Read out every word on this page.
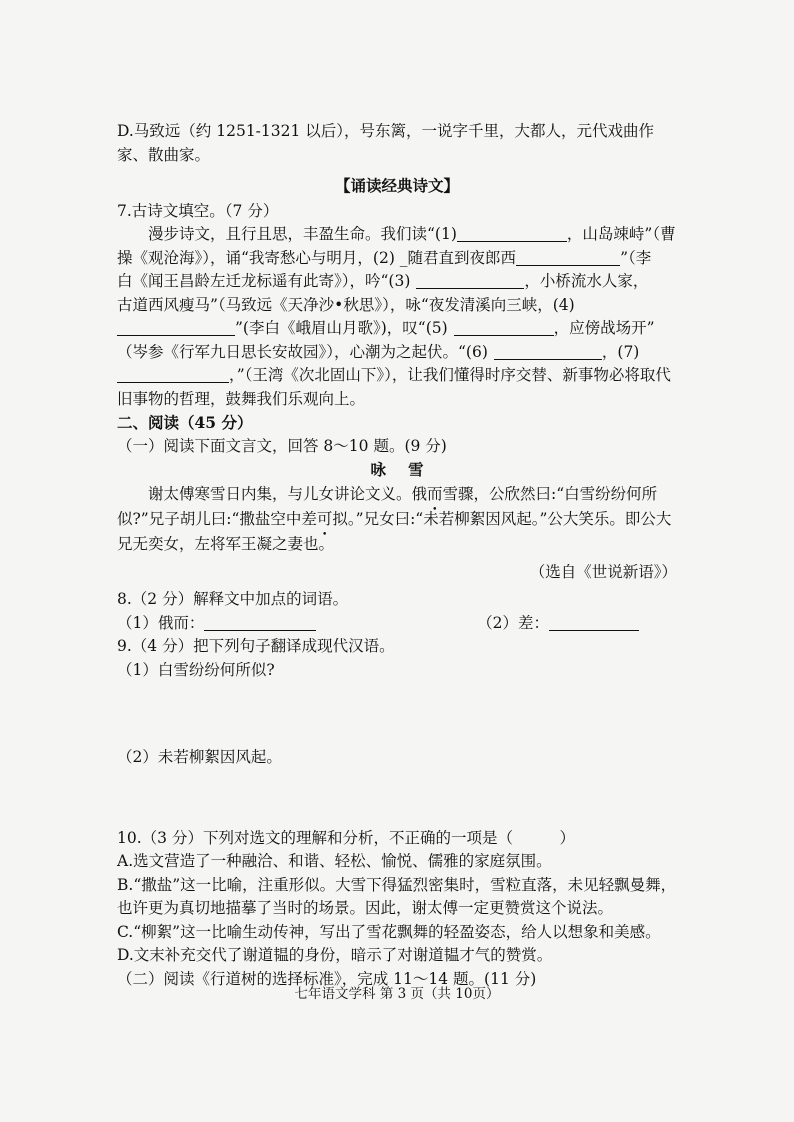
D.马致远（约 1251-1321 以后），号东篱，一说字千里，大都人，元代戏曲作家、散曲家。

【诵读经典诗文】

7.古诗文填空。（7 分）

漫步诗文，且行且思，丰盈生命。我们读“(1)	，山岛竦峙”（曹

操《观沧海》），诵“我寄愁心与明月，(2) _随君直到夜郎西	”（李

白《闻王昌龄左迁龙标遥有此寄》），吟“(3)	，小桥流水人家，

古道西风瘦马”（马致远《天净沙•秋思》），咏“夜发清溪向三峡，(4)

”(李白《峨眉山月歌》)，叹“(5)	，应傍战场开”

（岑参《行军九日思长安故园》），心潮为之起伏。“(6)	，(7)

，”（王湾《次北固山下》），让我们懂得时序交替、新事物必将取代旧事物的哲理，鼓舞我们乐观向上。

二、阅读（45 分）

（一）阅读下面文言文，回答 8～10 题。(9 分)

咏雪

谢太傅寒雪日内集，与儿女讲论文义。俄而雪骤，公欣然曰:“白雪纷纷何所似?”兄子胡儿曰:“撒盐空中差可拟。”兄女曰:“未若柳絮因风起。”公大笑乐。即公大兄无奕女，左将军王凝之妻也。

（选自《世说新语》）

8.（2 分）解释文中加点的词语。

（1）俄而：	（2）差：

9.（4 分）把下列句子翻译成现代汉语。

（1）白雪纷纷何所似?

（2）未若柳絮因风起。

10.（3 分）下列对选文的理解和分析，不正确的一项是（　　　）

A.选文营造了一种融洽、和谐、轻松、愉悦、儒雅的家庭氛围。

B.“撒盐”这一比喻，注重形似。大雪下得猛烈密集时，雪粒直落，未见轻飘曼舞，也许更为真切地描摹了当时的场景。因此，谢太傅一定更赞赏这个说法。

C.“柳絮”这一比喻生动传神，写出了雪花飘舞的轻盈姿态，给人以想象和美感。

D.文末补充交代了谢道韫的身份，暗示了对谢道韫才气的赞赏。

（二）阅读《行道树的选择标准》，完成 11～14 题。(11 分)

七年语文学科 第 3 页（共 10页）
